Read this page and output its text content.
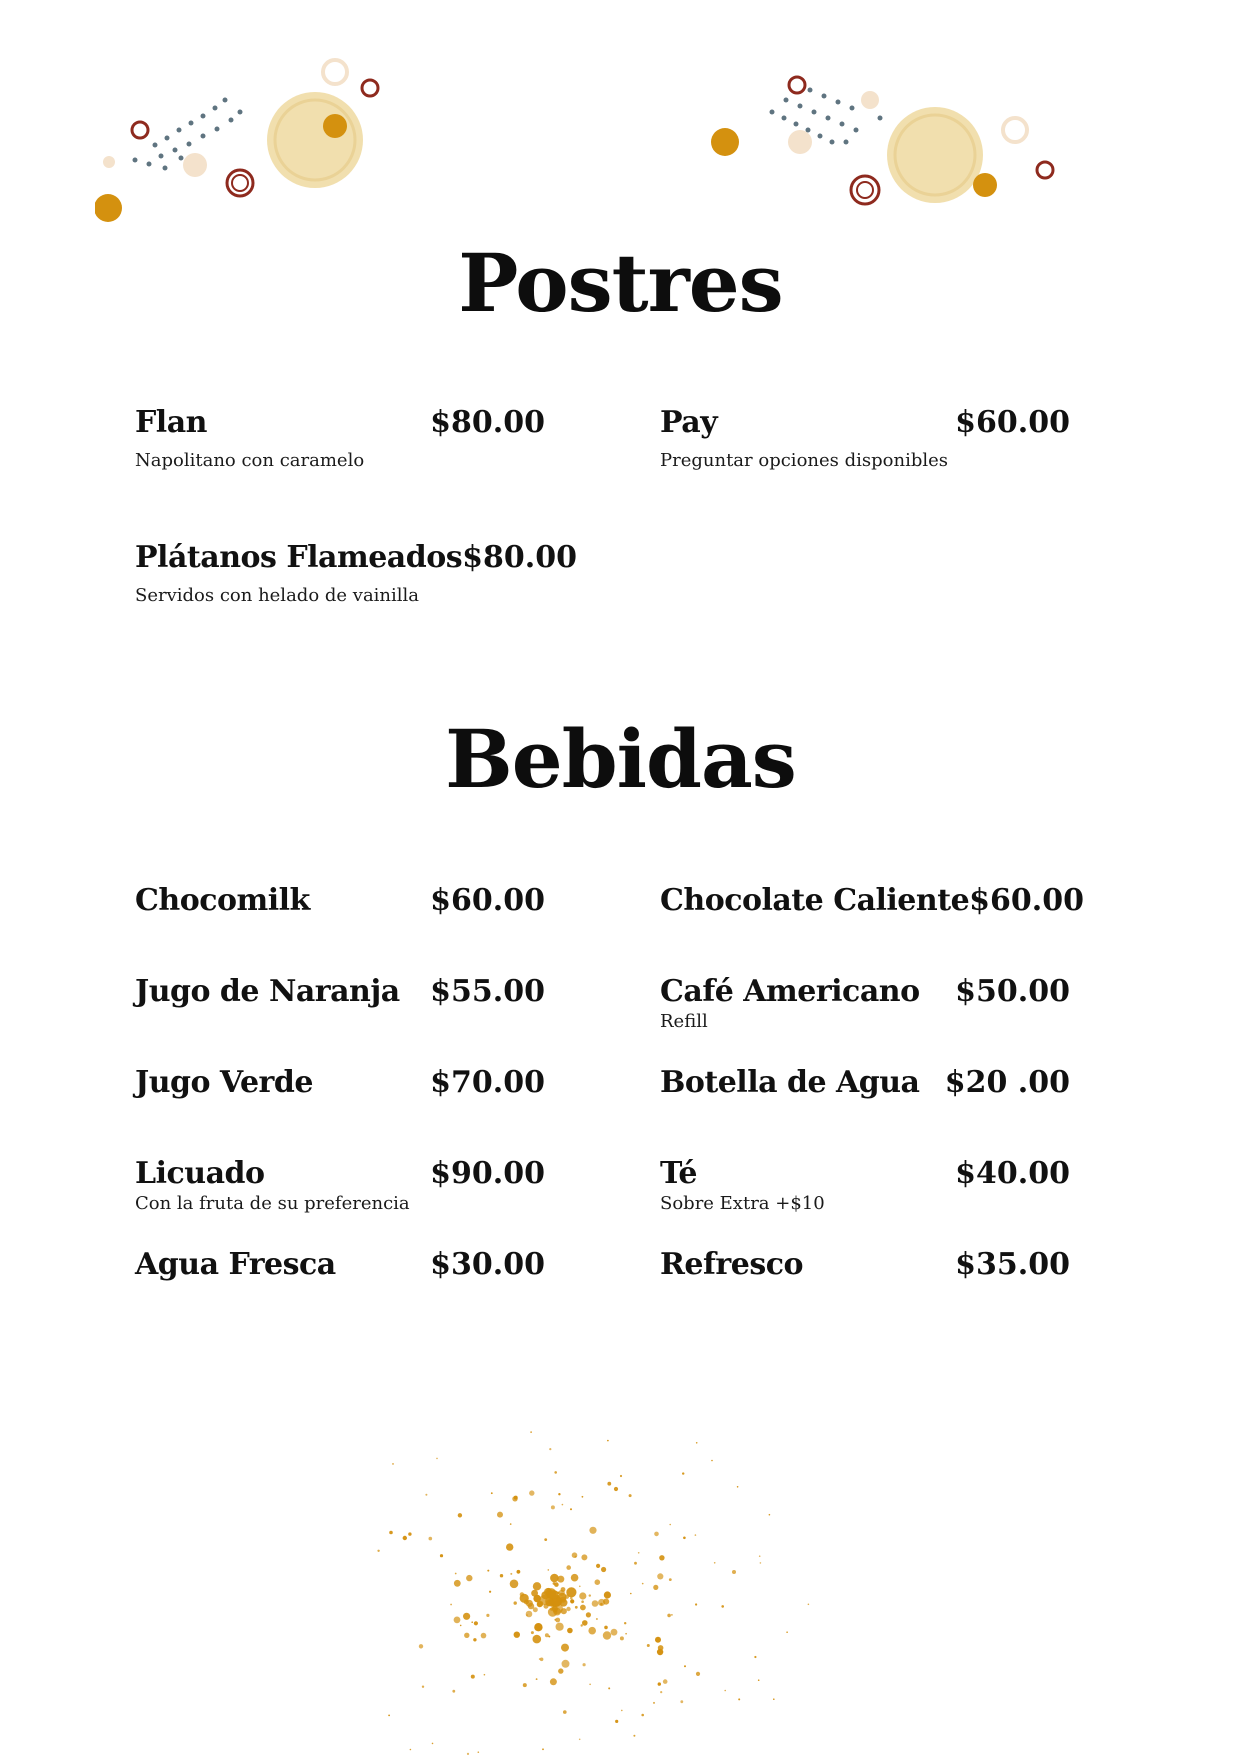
Postres
Flan	$80.00
Napolitano con caramelo
Pay	$60.00
Preguntar opciones disponibles
Plátanos Flameados $80.00
Servidos con helado de vainilla
Bebidas
Chocomilk	$60.00	Chocolate Caliente $60.00
Jugo de Naranja $55.00	Café Americano $50.00
Refill
Jugo Verde	$70.00	Botella de Agua $20 .00
Licuado	$90.00
Con la fruta de su preferencia
Té	$40.00
Sobre Extra +$10
Agua Fresca	$30.00	Refresco	$35.00
